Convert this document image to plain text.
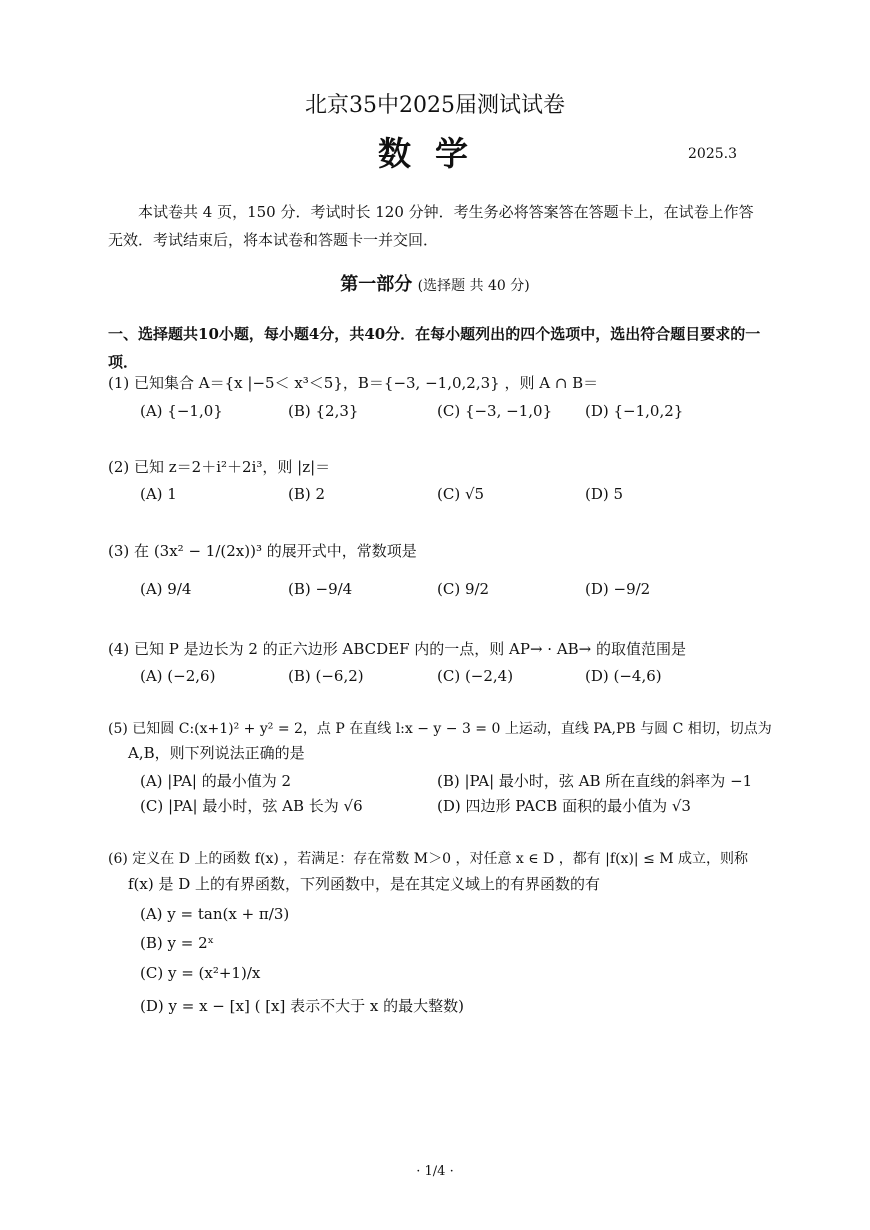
北京35中2025届测试试卷
数学	2025.3
本试卷共 4 页，150 分．考试时长 120 分钟．考生务必将答案答在答题卡上，在试卷上作答无效．考试结束后，将本试卷和答题卡一并交回．
第一部分 (选择题 共 40 分)
一、选择题共10小题，每小题4分，共40分．在每小题列出的四个选项中，选出符合题目要求的一项．
(1) 已知集合 A＝{x |−5＜ x³＜5}，B＝{−3, −1,0,2,3} ，则 A ∩ B＝
(A) {−1,0}	(B) {2,3}	(C) {−3, −1,0} (D) {−1,0,2}
(2) 已知 z＝2＋i²＋2i³，则 |z|＝
(A) 1	(B) 2	(C) √5	(D) 5
(3) 在 (3x² − 1/(2x))³ 的展开式中，常数项是
(A) 9/4	(B) −9/4	(C) 9/2	(D) −9/2
(4) 已知 P 是边长为 2 的正六边形 ABCDEF 内的一点，则 AP→ · AB→ 的取值范围是
(A) (−2,6)	(B) (−6,2)	(C) (−2,4)	(D) (−4,6)
(5) 已知圆 C:(x+1)² + y² = 2，点 P 在直线 l:x − y − 3 = 0 上运动，直线 PA,PB 与圆 C 相切，切点为
A,B，则下列说法正确的是
(A) |PA| 的最小值为 2	(B) |PA| 最小时，弦 AB 所在直线的斜率为 −1
(C) |PA| 最小时，弦 AB 长为 √6	(D) 四边形 PACB 面积的最小值为 √3
(6) 定义在 D 上的函数 f(x) ，若满足：存在常数 M＞0 ，对任意 x ∈ D ，都有 |f(x)| ≤ M 成立，则称
f(x) 是 D 上的有界函数，下列函数中，是在其定义域上的有界函数的有
(A) y = tan(x + π/3)
(B) y = 2ˣ
(C) y = (x²+1)/x
(D) y = x − [x] ( [x] 表示不大于 x 的最大整数)
· 1/4 ·
